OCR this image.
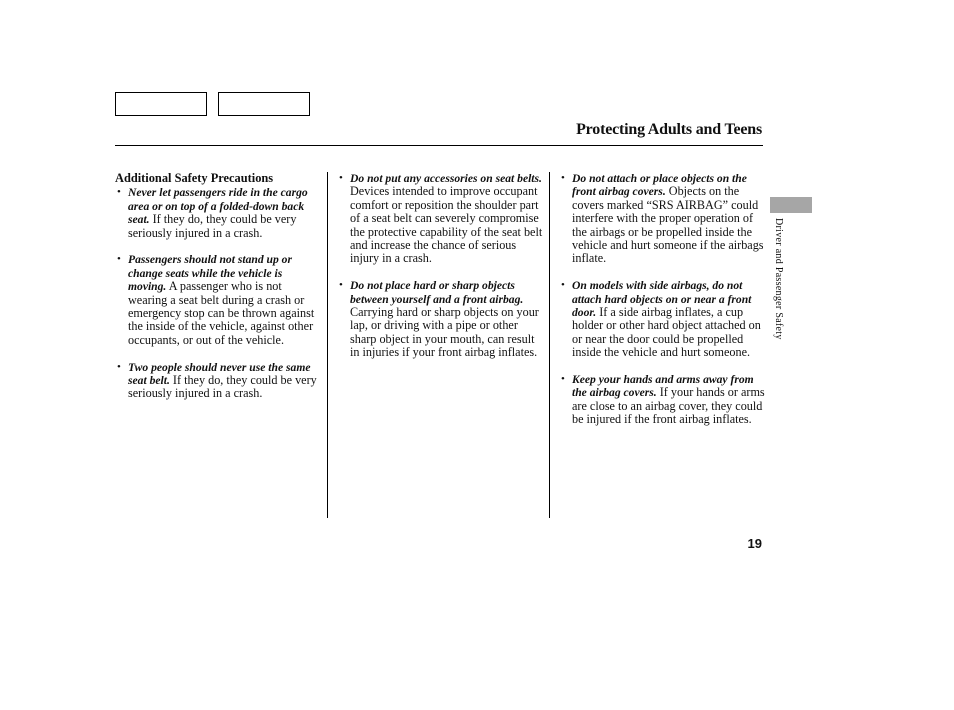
Protecting Adults and Teens
Additional Safety Precautions
• Never let passengers ride in the cargo area or on top of a folded-down back seat. If they do, they could be very seriously injured in a crash.
• Passengers should not stand up or change seats while the vehicle is moving. A passenger who is not wearing a seat belt during a crash or emergency stop can be thrown against the inside of the vehicle, against other occupants, or out of the vehicle.
• Two people should never use the same seat belt. If they do, they could be very seriously injured in a crash.
• Do not put any accessories on seat belts. Devices intended to improve occupant comfort or reposition the shoulder part of a seat belt can severely compromise the protective capability of the seat belt and increase the chance of serious injury in a crash.
• Do not place hard or sharp objects between yourself and a front airbag. Carrying hard or sharp objects on your lap, or driving with a pipe or other sharp object in your mouth, can result in injuries if your front airbag inflates.
• Do not attach or place objects on the front airbag covers. Objects on the covers marked “SRS AIRBAG” could interfere with the proper operation of the airbags or be propelled inside the vehicle and hurt someone if the airbags inflate.
• On models with side airbags, do not attach hard objects on or near a front door. If a side airbag inflates, a cup holder or other hard object attached on or near the door could be propelled inside the vehicle and hurt someone.
• Keep your hands and arms away from the airbag covers. If your hands or arms are close to an airbag cover, they could be injured if the front airbag inflates.
Driver and Passenger Safety
19
